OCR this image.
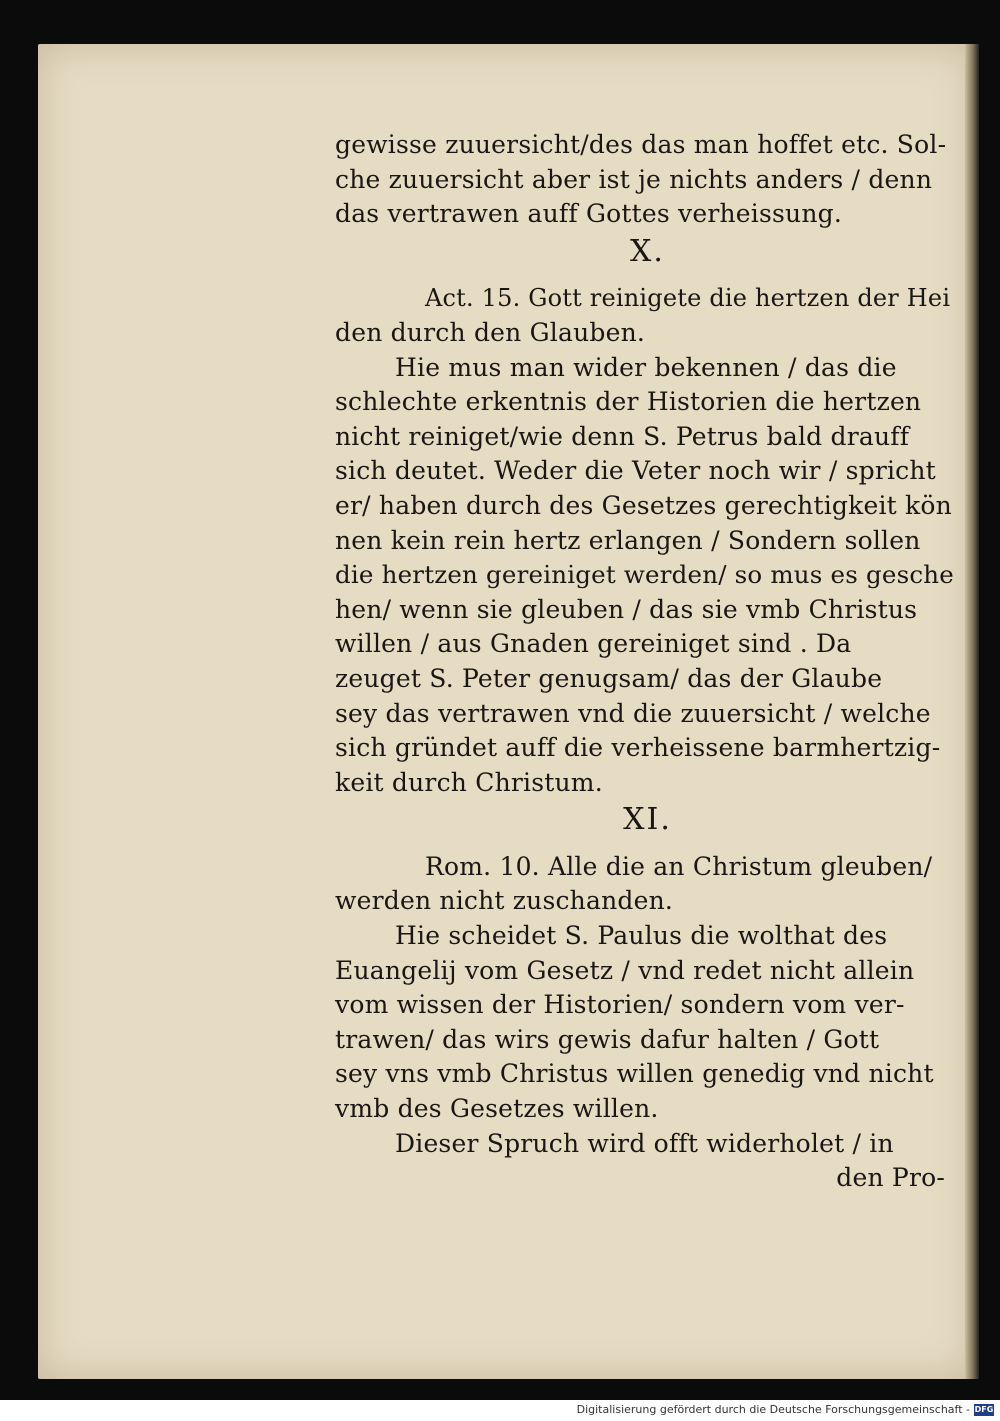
gewisse zuuersicht/des das man hoffet etc. Sol-
che zuuersicht aber ist je nichts anders / denn
das vertrawen auff Gottes verheissung.
X.
Act. 15. Gott reinigete die hertzen der Hei
den durch den Glauben.
Hie mus man wider bekennen / das die
schlechte erkentnis der Historien die hertzen
nicht reiniget/wie denn S. Petrus bald drauff
sich deutet. Weder die Veter noch wir / spricht
er/ haben durch des Gesetzes gerechtigkeit kön
nen kein rein hertz erlangen / Sondern sollen
die hertzen gereiniget werden/ so mus es gesche
hen/ wenn sie gleuben / das sie vmb Christus
willen / aus Gnaden gereiniget sind . Da
zeuget S. Peter genugsam/ das der Glaube
sey das vertrawen vnd die zuuersicht / welche
sich gründet auff die verheissene barmhertzig-
keit durch Christum.
XI.
Rom. 10. Alle die an Christum gleuben/
werden nicht zuschanden.
Hie scheidet S. Paulus die wolthat des
Euangelij vom Gesetz / vnd redet nicht allein
vom wissen der Historien/ sondern vom ver-
trawen/ das wirs gewis dafur halten / Gott
sey vns vmb Christus willen genedig vnd nicht
vmb des Gesetzes willen.
Dieser Spruch wird offt widerholet / in
den Pro-
Digitalisierung gefördert durch die Deutsche Forschungsgemeinschaft - DFG
